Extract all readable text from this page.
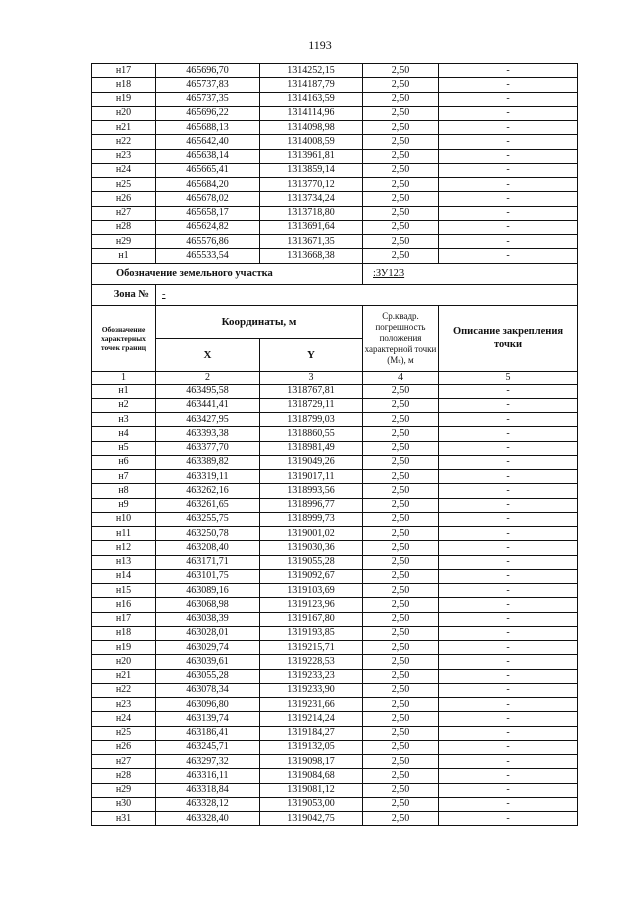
1193
н17	465696,70	1314252,15	2,50	-
н18	465737,83	1314187,79	2,50	-
н19	465737,35	1314163,59	2,50	-
н20	465696,22	1314114,96	2,50	-
н21	465688,13	1314098,98	2,50	-
н22	465642,40	1314008,59	2,50	-
н23	465638,14	1313961,81	2,50	-
н24	465665,41	1313859,14	2,50	-
н25	465684,20	1313770,12	2,50	-
н26	465678,02	1313734,24	2,50	-
н27	465658,17	1313718,80	2,50	-
н28	465624,82	1313691,64	2,50	-
н29	465576,86	1313671,35	2,50	-
н1	465533,54	1313668,38	2,50	-
Обозначение земельного участка			:ЗУ123	
Зона №	-			
Обозначение характерных точек границ	Координаты, м		Ср.квадр. погрешность положения характерной точки (Mₜ), м	Описание закрепления точки
	X	Y		
1	2	3	4	5
н1	463495,58	1318767,81	2,50	-
н2	463441,41	1318729,11	2,50	-
н3	463427,95	1318799,03	2,50	-
н4	463393,38	1318860,55	2,50	-
н5	463377,70	1318981,49	2,50	-
н6	463389,82	1319049,26	2,50	-
н7	463319,11	1319017,11	2,50	-
н8	463262,16	1318993,56	2,50	-
н9	463261,65	1318996,77	2,50	-
н10	463255,75	1318999,73	2,50	-
н11	463250,78	1319001,02	2,50	-
н12	463208,40	1319030,36	2,50	-
н13	463171,71	1319055,28	2,50	-
н14	463101,75	1319092,67	2,50	-
н15	463089,16	1319103,69	2,50	-
н16	463068,98	1319123,96	2,50	-
н17	463038,39	1319167,80	2,50	-
н18	463028,01	1319193,85	2,50	-
н19	463029,74	1319215,71	2,50	-
н20	463039,61	1319228,53	2,50	-
н21	463055,28	1319233,23	2,50	-
н22	463078,34	1319233,90	2,50	-
н23	463096,80	1319231,66	2,50	-
н24	463139,74	1319214,24	2,50	-
н25	463186,41	1319184,27	2,50	-
н26	463245,71	1319132,05	2,50	-
н27	463297,32	1319098,17	2,50	-
н28	463316,11	1319084,68	2,50	-
н29	463318,84	1319081,12	2,50	-
н30	463328,12	1319053,00	2,50	-
н31	463328,40	1319042,75	2,50	-
